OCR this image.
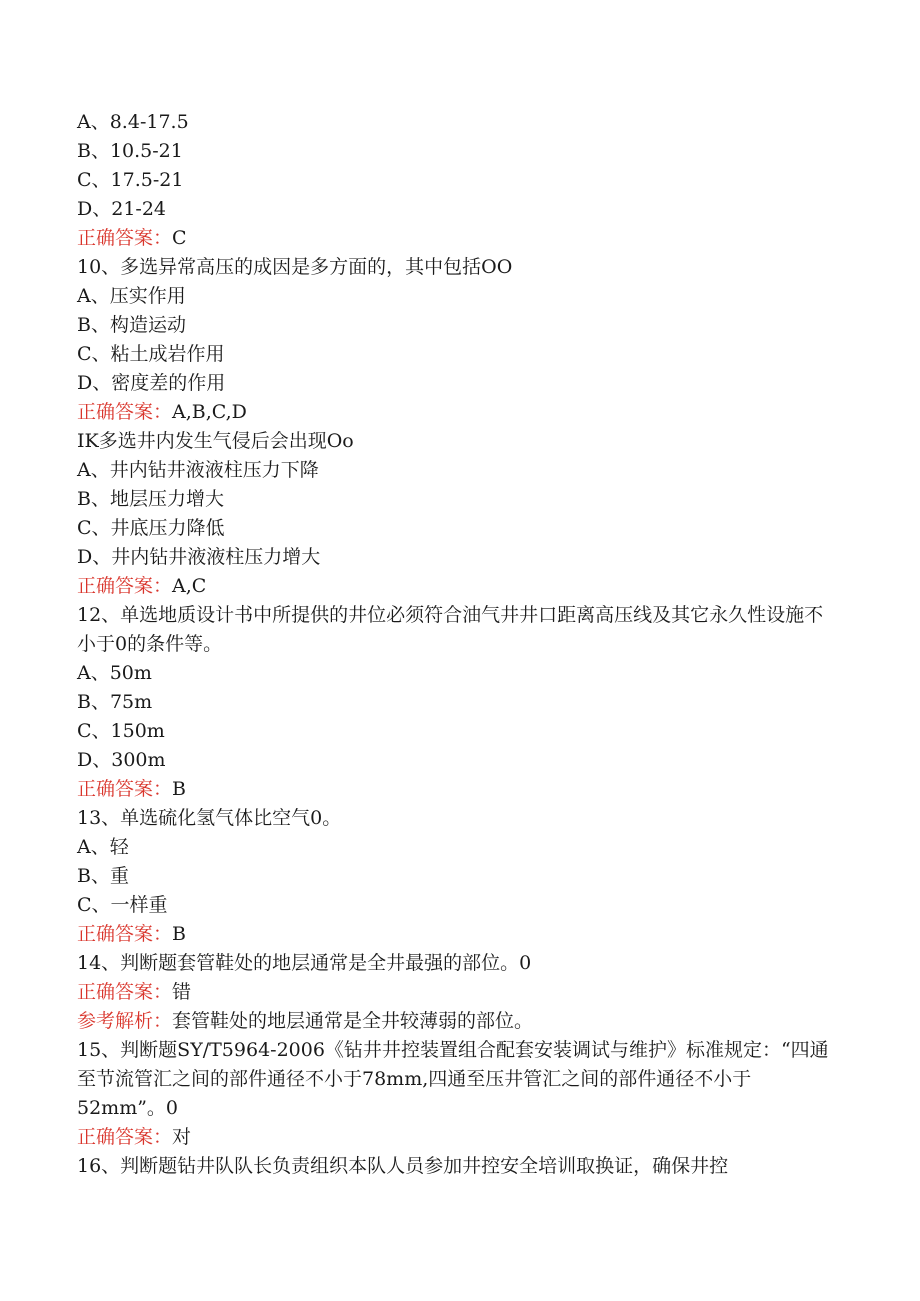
A、8.4-17.5
B、10.5-21
C、17.5-21
D、21-24
正确答案：C
10、多选异常高压的成因是多方面的，其中包括OO
A、压实作用
B、构造运动
C、粘土成岩作用
D、密度差的作用
正确答案：A,B,C,D
IK多选井内发生气侵后会出现Oo
A、井内钻井液液柱压力下降
B、地层压力增大
C、井底压力降低
D、井内钻井液液柱压力增大
正确答案：A,C
12、单选地质设计书中所提供的井位必须符合油气井井口距离高压线及其它永久性设施不小于0的条件等。
A、50m
B、75m
C、150m
D、300m
正确答案：B
13、单选硫化氢气体比空气0。
A、轻
B、重
C、一样重
正确答案：B
14、判断题套管鞋处的地层通常是全井最强的部位。0
正确答案：错
参考解析：套管鞋处的地层通常是全井较薄弱的部位。
15、判断题SY/T5964-2006《钻井井控装置组合配套安装调试与维护》标准规定：“四通至节流管汇之间的部件通径不小于78mm,四通至压井管汇之间的部件通径不小于52mm”。0
正确答案：对
16、判断题钻井队队长负责组织本队人员参加井控安全培训取换证，确保井控
